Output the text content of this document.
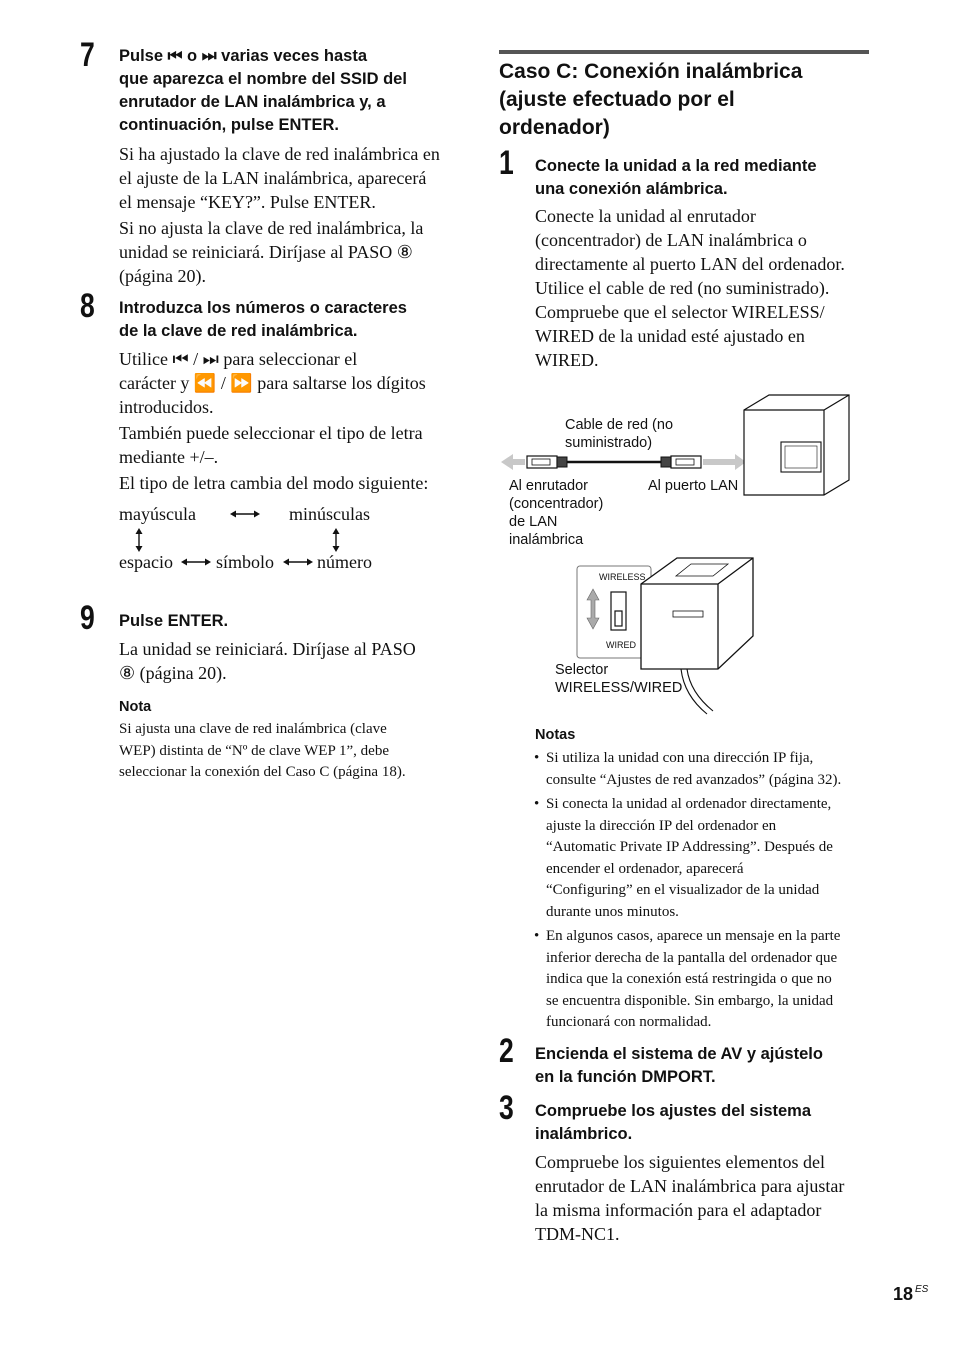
7 Pulse ⏮ o ⏭ varias veces hasta
que aparezca el nombre del SSID del
enrutador de LAN inalámbrica y, a
continuación, pulse ENTER.
Si ha ajustado la clave de red inalámbrica en
el ajuste de la LAN inalámbrica, aparecerá
el mensaje “KEY?”. Pulse ENTER.
Si no ajusta la clave de red inalámbrica, la
unidad se reiniciará. Diríjase al PASO ⑧
(página 20).
8 Introduzca los números o caracteres
de la clave de red inalámbrica.
Utilice ⏮ / ⏭ para seleccionar el
carácter y ⏪ / ⏩ para saltarse los dígitos
introducidos.
También puede seleccionar el tipo de letra
mediante +/–.
El tipo de letra cambia del modo siguiente:
mayúscula	minúsculas
espacio símbolo número
9 Pulse ENTER.
La unidad se reiniciará. Diríjase al PASO
⑧ (página 20).
Nota
Si ajusta una clave de red inalámbrica (clave
WEP) distinta de “Nº de clave WEP 1”, debe
seleccionar la conexión del Caso C (página 18).
Caso C: Conexión inalámbrica
(ajuste efectuado por el
ordenador)
1 Conecte la unidad a la red mediante
una conexión alámbrica.
Conecte la unidad al enrutador
(concentrador) de LAN inalámbrica o
directamente al puerto LAN del ordenador.
Utilice el cable de red (no suministrado).
Compruebe que el selector WIRELESS/
WIRED de la unidad esté ajustado en
WIRED.
Cable de red (no
suministrado)
Al enrutador
(concentrador)
de LAN
inalámbrica
Al puerto LAN
WIRELESS
WIRED
Selector
WIRELESS/WIRED
Notas
• Si utiliza la unidad con una dirección IP fija,
consulte “Ajustes de red avanzados” (página 32).
• Si conecta la unidad al ordenador directamente,
ajuste la dirección IP del ordenador en
“Automatic Private IP Addressing”. Después de
encender el ordenador, aparecerá
“Configuring” en el visualizador de la unidad
durante unos minutos.
• En algunos casos, aparece un mensaje en la parte
inferior derecha de la pantalla del ordenador que
indica que la conexión está restringida o que no
se encuentra disponible. Sin embargo, la unidad
funcionará con normalidad.
2 Encienda el sistema de AV y ajústelo
en la función DMPORT.
3 Compruebe los ajustes del sistema
inalámbrico.
Compruebe los siguientes elementos del
enrutador de LAN inalámbrica para ajustar
la misma información para el adaptador
TDM-NC1.
18 ES
